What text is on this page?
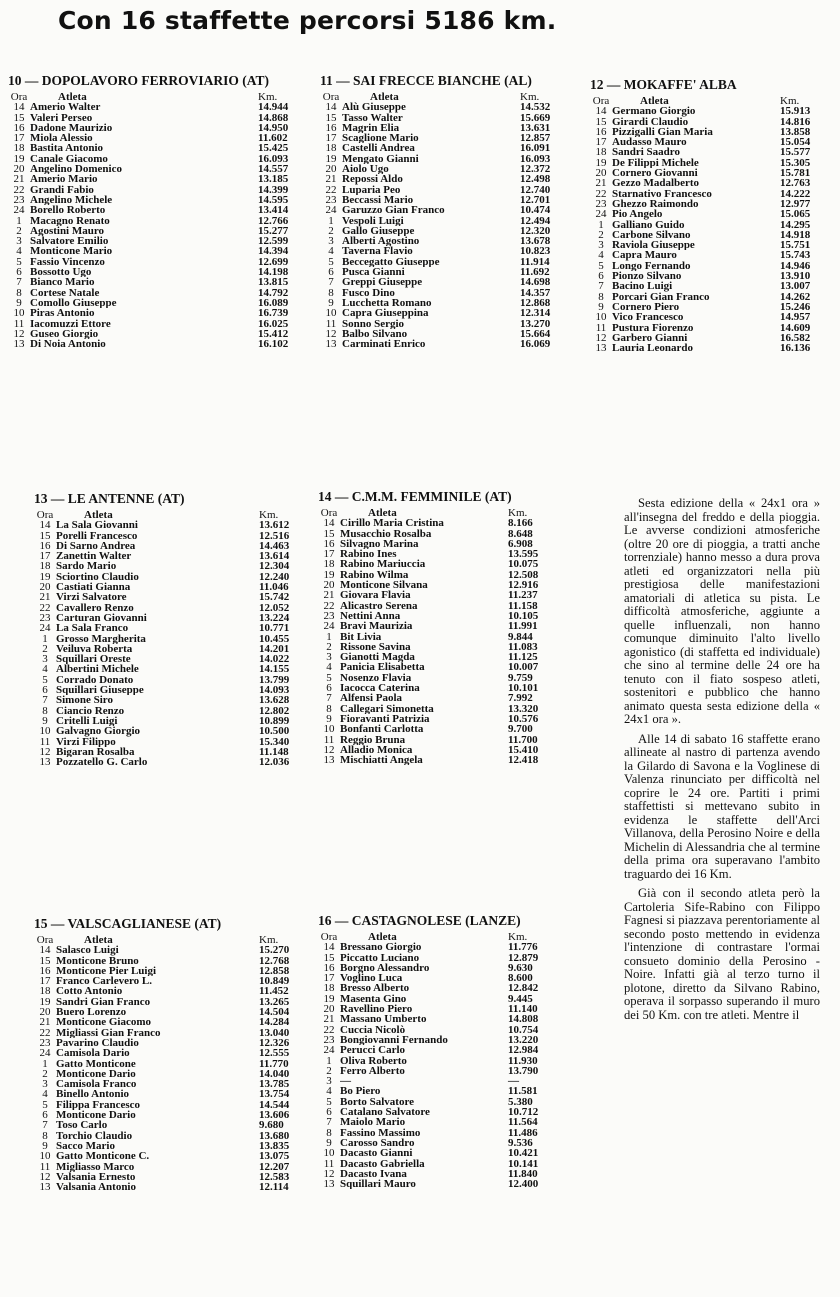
Con 16 staffette percorsi 5186 km.
10 — DOPOLAVORO FERROVIARIO (AT)
Ora	Atleta	Km.
14 Amerio Walter	14.944
15 Valeri Perseo	14.868
16 Dadone Maurizio	14.950
17 Miola Alessio	11.602
18 Bastita Antonio	15.425
19 Canale Giacomo	16.093
20 Angelino Domenico	14.557
21 Amerio Mario	13.185
22 Grandi Fabio	14.399
23 Angelino Michele	14.595
24 Borello Roberto	13.414
1 Macagno Renato	12.766
2 Agostini Mauro	15.277
3 Salvatore Emilio	12.599
4 Monticone Mario	14.394
5 Fassio Vincenzo	12.699
6 Bossotto Ugo	14.198
7 Bianco Mario	13.815
8 Cortese Natale	14.792
9 Comollo Giuseppe	16.089
10 Piras Antonio	16.739
11 Iacomuzzi Ettore	16.025
12 Guseo Giorgio	15.412
13 Di Noia Antonio	16.102
11 — SAI FRECCE BIANCHE (AL)
Ora	Atleta	Km.
14 Alù Giuseppe	14.532
15 Tasso Walter	15.669
16 Magrin Elia	13.631
17 Scaglione Mario	12.857
18 Castelli Andrea	16.091
19 Mengato Gianni	16.093
20 Aiolo Ugo	12.372
21 Repossi Aldo	12.498
22 Luparia Peo	12.740
23 Beccassi Mario	12.701
24 Garuzzo Gian Franco	10.474
1 Vespoli Luigi	12.494
2 Gallo Giuseppe	12.320
3 Alberti Agostino	13.678
4 Taverna Flavio	10.823
5 Beccegatto Giuseppe	11.914
6 Pusca Gianni	11.692
7 Greppi Giuseppe	14.698
8 Fusco Dino	14.357
9 Lucchetta Romano	12.868
10 Capra Giuseppina	12.314
11 Sonno Sergio	13.270
12 Balbo Silvano	15.664
13 Carminati Enrico	16.069
12 — MOKAFFE' ALBA
Ora	Atleta	Km.
14 Germano Giorgio	15.913
15 Girardi Claudio	14.816
16 Pizzigalli Gian Maria	13.858
17 Audasso Mauro	15.054
18 Sandri Saadro	15.577
19 De Filippi Michele	15.305
20 Cornero Giovanni	15.781
21 Gezzo Madalberto	12.763
22 Starnativo Francesco	14.222
23 Ghezzo Raimondo	12.977
24 Pio Angelo	15.065
1 Galliano Guido	14.295
2 Carbone Silvano	14.918
3 Raviola Giuseppe	15.751
4 Capra Mauro	15.743
5 Longo Fernando	14.946
6 Pionzo Silvano	13.910
7 Bacino Luigi	13.007
8 Porcari Gian Franco	14.262
9 Cornero Piero	15.246
10 Vico Francesco	14.957
11 Pustura Fiorenzo	14.609
12 Garbero Gianni	16.582
13 Lauria Leonardo	16.136
13 — LE ANTENNE (AT)
Ora	Atleta	Km.
14 La Sala Giovanni	13.612
15 Porelli Francesco	12.516
16 Di Sarno Andrea	14.463
17 Zanettin Walter	13.614
18 Sardo Mario	12.304
19 Sciortino Claudio	12.240
20 Castiati Gianna	11.046
21 Virzi Salvatore	15.742
22 Cavallero Renzo	12.052
23 Carturan Giovanni	13.224
24 La Sala Franco	10.771
1 Grosso Margherita	10.455
2 Veiluva Roberta	14.201
3 Squillari Oreste	14.022
4 Albertini Michele	14.155
5 Corrado Donato	13.799
6 Squillari Giuseppe	14.093
7 Simone Siro	13.628
8 Ciancio Renzo	12.802
9 Critelli Luigi	10.899
10 Galvagno Giorgio	10.500
11 Virzi Filippo	15.340
12 Bigaran Rosalba	11.148
13 Pozzatello G. Carlo	12.036
14 — C.M.M. FEMMINILE (AT)
Ora	Atleta	Km.
14 Cirillo Maria Cristina	8.166
15 Musacchio Rosalba	8.648
16 Silvagno Marina	6.908
17 Rabino Ines	13.595
18 Rabino Mariuccia	10.075
19 Rabino Wilma	12.508
20 Monticone Silvana	12.916
21 Giovara Flavia	11.237
22 Alicastro Serena	11.158
23 Nettini Anna	10.105
24 Bravi Maurizia	11.991
1 Bit Livia	9.844
2 Rissone Savina	11.083
3 Gianotti Magda	11.125
4 Panicia Elisabetta	10.007
5 Nosenzo Flavia	9.759
6 Iacocca Caterina	10.101
7 Alfensi Paola	7.992
8 Callegari Simonetta	13.320
9 Fioravanti Patrizia	10.576
10 Bonfanti Carlotta	9.700
11 Reggio Bruna	11.700
12 Alladio Monica	15.410
13 Mischiatti Angela	12.418
15 — VALSCAGLIANESE (AT)
Ora	Atleta	Km.
14 Salasco Luigi	15.270
15 Monticone Bruno	12.768
16 Monticone Pier Luigi	12.858
17 Franco Carlevero L.	10.849
18 Cotto Antonio	11.452
19 Sandri Gian Franco	13.265
20 Buero Lorenzo	14.504
21 Monticone Giacomo	14.284
22 Migliassi Gian Franco	13.040
23 Pavarino Claudio	12.326
24 Camisola Dario	12.555
1 Gatto Monticone	11.770
2 Monticone Dario	14.040
3 Camisola Franco	13.785
4 Binello Antonio	13.754
5 Filippa Francesco	14.544
6 Monticone Dario	13.606
7 Toso Carlo	9.680
8 Torchio Claudio	13.680
9 Sacco Mario	13.835
10 Gatto Monticone C.	13.075
11 Migliasso Marco	12.207
12 Valsania Ernesto	12.583
13 Valsania Antonio	12.114
16 — CASTAGNOLESE (LANZE)
Ora	Atleta	Km.
14 Bressano Giorgio	11.776
15 Piccatto Luciano	12.879
16 Borgno Alessandro	9.630
17 Voglino Luca	8.600
18 Bresso Alberto	12.842
19 Masenta Gino	9.445
20 Ravellino Piero	11.140
21 Massano Umberto	14.808
22 Cuccia Nicolò	10.754
23 Bongiovanni Fernando	13.220
24 Perucci Carlo	12.984
1 Oliva Roberto	11.930
2 Ferro Alberto	13.790
3 —	—
4 Bo Piero	11.581
5 Borto Salvatore	5.380
6 Catalano Salvatore	10.712
7 Maiolo Mario	11.564
8 Fassino Massimo	11.486
9 Carosso Sandro	9.536
10 Dacasto Gianni	10.421
11 Dacasto Gabriella	10.141
12 Dacasto Ivana	11.840
13 Squillari Mauro	12.400

Sesta edizione della « 24x1 ora » all'insegna del freddo e della pioggia. Le avverse condizioni atmosferiche (oltre 20 ore di pioggia, a tratti anche torrenziale) hanno messo a dura prova atleti ed organizzatori nella più prestigiosa delle manifestazioni amatoriali di atletica su pista. Le difficoltà atmosferiche, aggiunte a quelle influenzali, non hanno comunque diminuito l'alto livello agonistico (di staffetta ed individuale) che sino al termine delle 24 ore ha tenuto con il fiato sospeso atleti, sostenitori e pubblico che hanno animato questa sesta edizione della « 24x1 ora ».

Alle 14 di sabato 16 staffette erano allineate al nastro di partenza avendo la Gilardo di Savona e la Voglinese di Valenza rinunciato per difficoltà nel coprire le 24 ore. Partiti i primi staffettisti si mettevano subito in evidenza le staffette dell'Arci Villanova, della Perosino Noire e della Michelin di Alessandria che al termine della prima ora superavano l'ambito traguardo dei 16 Km.

Già con il secondo atleta però la Cartoleria Sife-Rabino con Filippo Fagnesi si piazzava perentoriamente al secondo posto mettendo in evidenza l'intenzione di contrastare l'ormai consueto dominio della Perosino - Noire. Infatti già al terzo turno il plotone, diretto da Silvano Rabino, operava il sorpasso superando il muro dei 50 Km. con tre atleti. Mentre il
